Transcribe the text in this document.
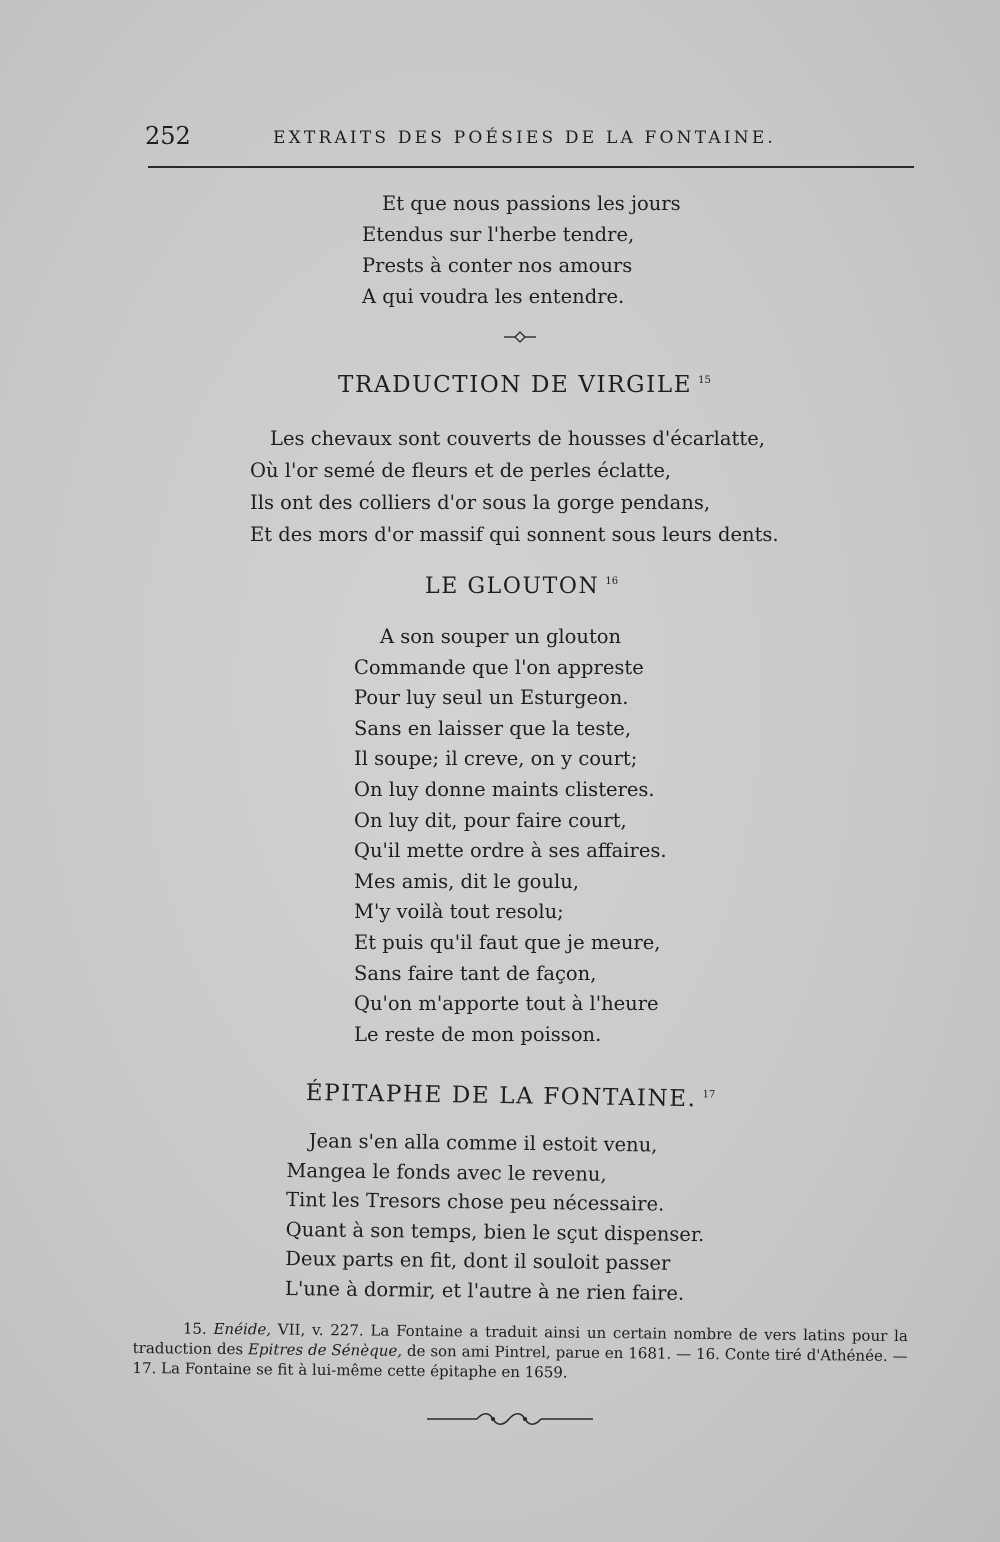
252	EXTRAITS DES POÉSIES DE LA FONTAINE.
Et que nous passions les jours
Etendus sur l'herbe tendre,
Prests à conter nos amours
A qui voudra les entendre.
TRADUCTION DE VIRGILE $^{15}$
Les chevaux sont couverts de housses d'écarlatte,
Où l'or semé de fleurs et de perles éclatte,
Ils ont des colliers d'or sous la gorge pendans,
Et des mors d'or massif qui sonnent sous leurs dents.
LE GLOUTON $^{16}$
A son souper un glouton
Commande que l'on appreste
Pour luy seul un Esturgeon.
Sans en laisser que la teste,
Il soupe; il creve, on y court;
On luy donne maints clisteres.
On luy dit, pour faire court,
Qu'il mette ordre à ses affaires.
Mes amis, dit le goulu,
M'y voilà tout resolu;
Et puis qu'il faut que je meure,
Sans faire tant de façon,
Qu'on m'apporte tout à l'heure
Le reste de mon poisson.
ÉPITAPHE DE LA FONTAINE. $^{17}$
Jean s'en alla comme il estoit venu,
Mangea le fonds avec le revenu,
Tint les Tresors chose peu nécessaire.
Quant à son temps, bien le sçut dispenser.
Deux parts en fit, dont il souloit passer
L'une à dormir, et l'autre à ne rien faire.

15. Enéide, VII, v. 227. La Fontaine a traduit ainsi un certain nombre de vers latins pour la traduction des Epitres de Sénèque, de son ami Pintrel, parue en 1681. — 16. Conte tiré d'Athénée. — 17. La Fontaine se fit à lui-même cette épitaphe en 1659.
